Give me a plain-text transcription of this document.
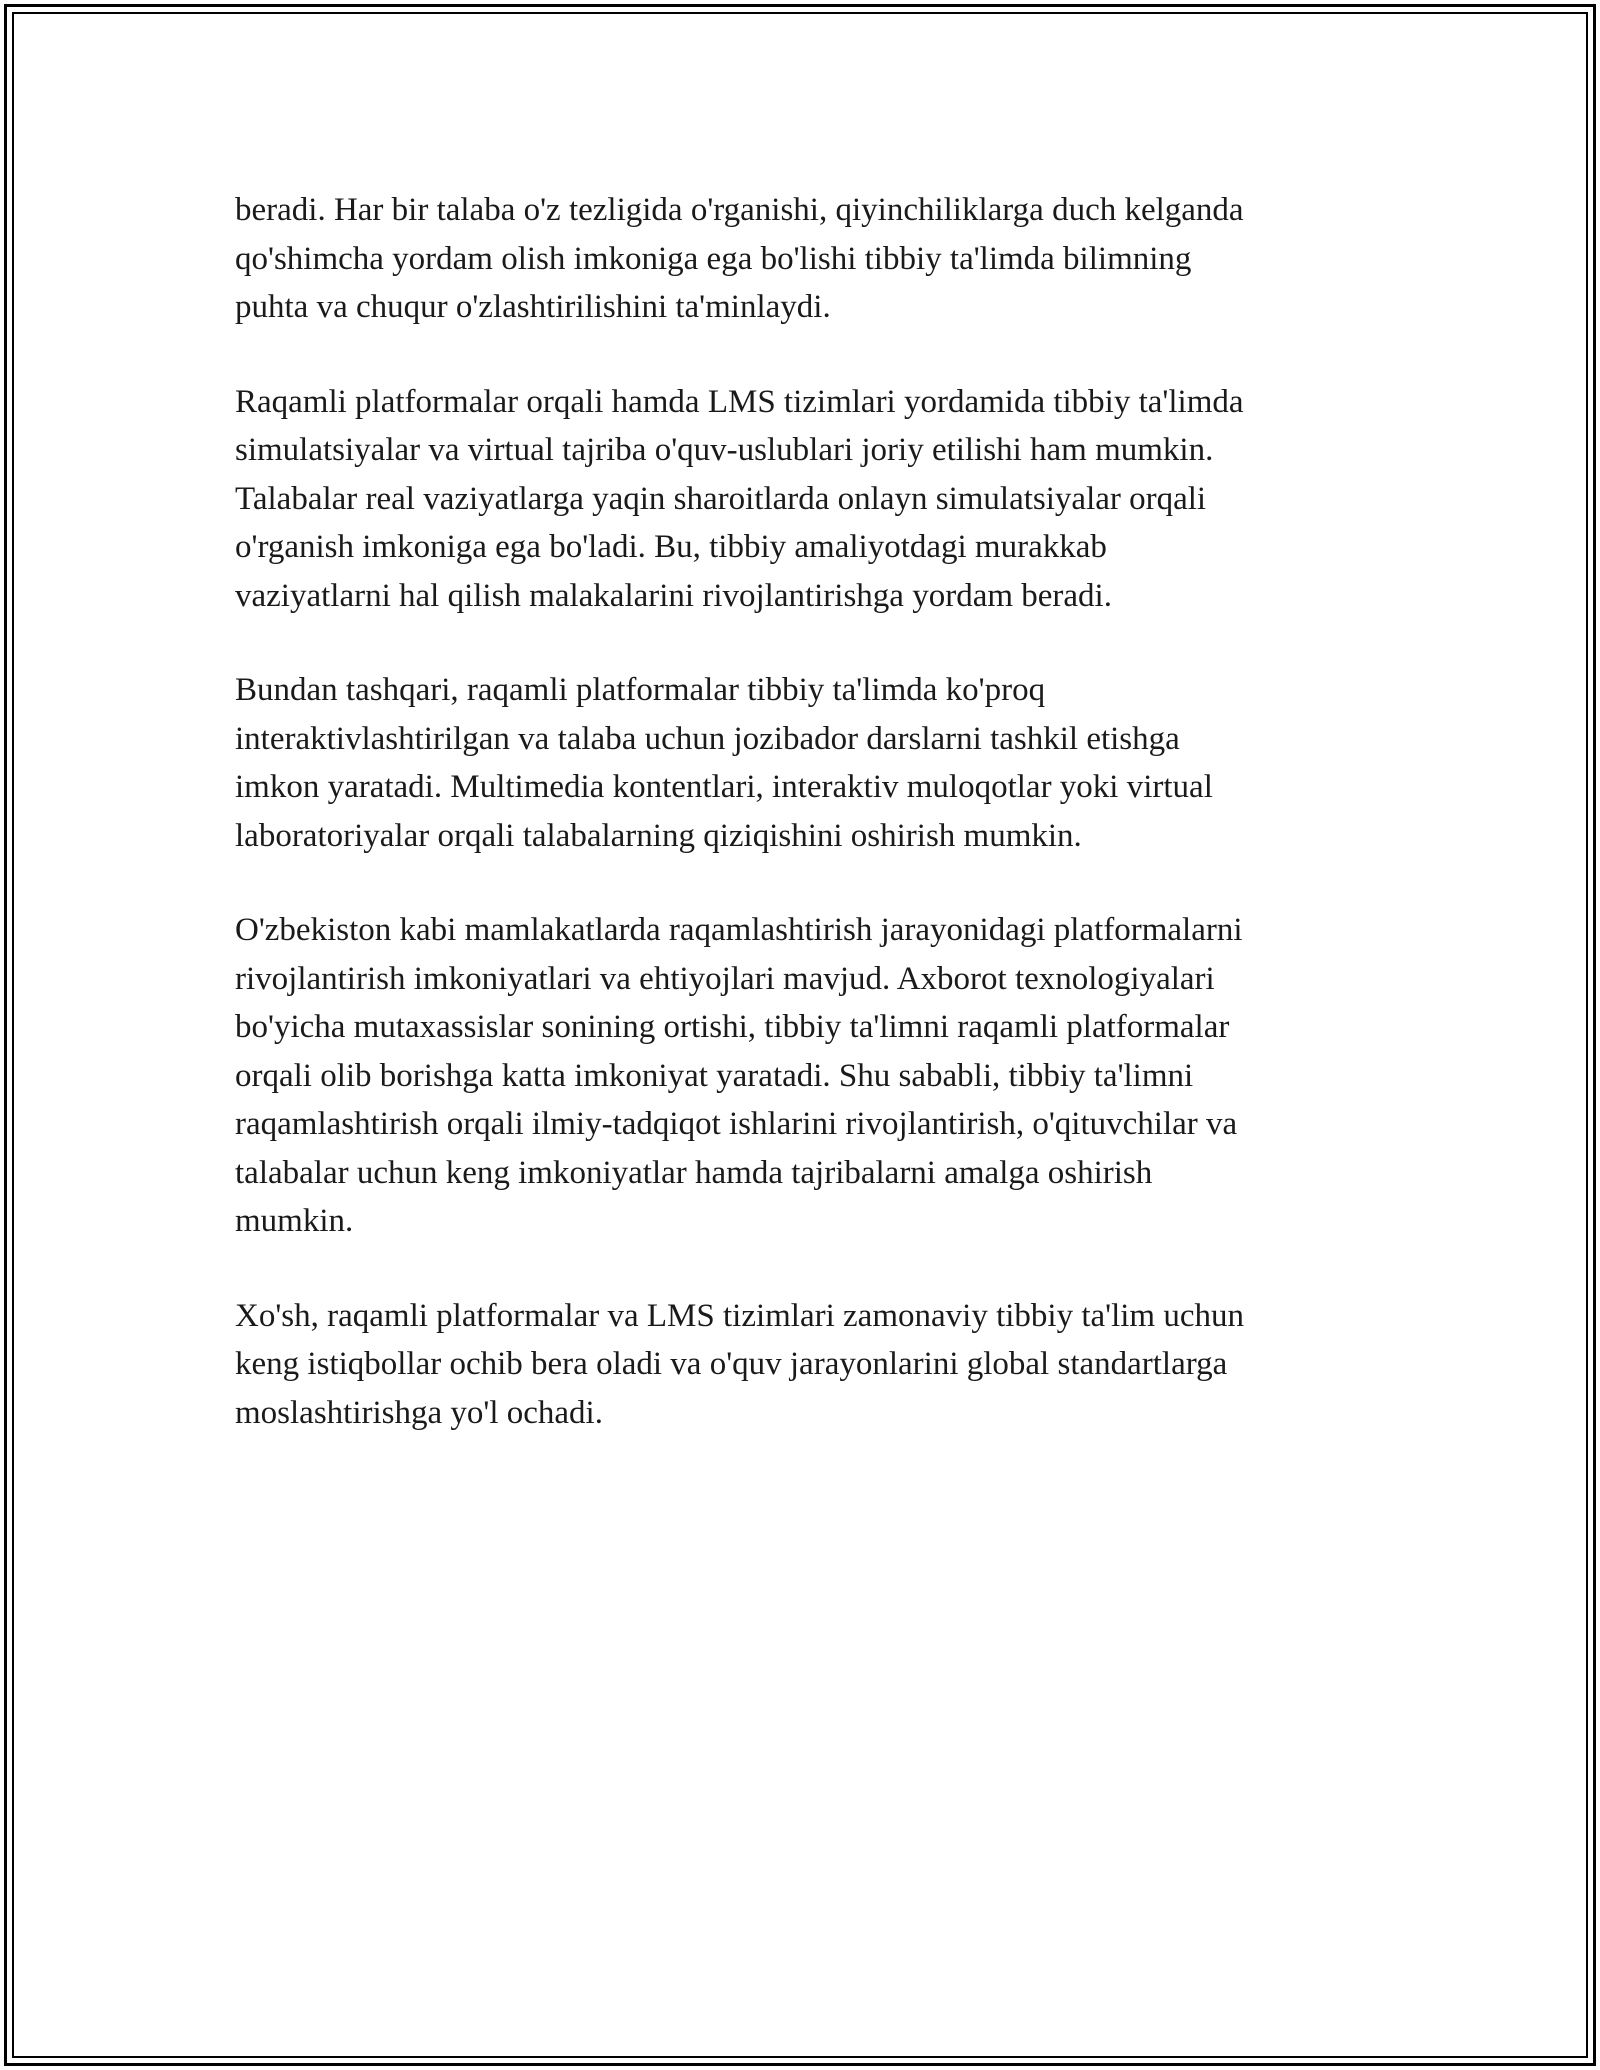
beradi. Har bir talaba o'z tezligida o'rganishi, qiyinchiliklarga duch kelganda
qo'shimcha yordam olish imkoniga ega bo'lishi tibbiy ta'limda bilimning
puhta va chuqur o'zlashtirilishini ta'minlaydi.

Raqamli platformalar orqali hamda LMS tizimlari yordamida tibbiy ta'limda
simulatsiyalar va virtual tajriba o'quv-uslublari joriy etilishi ham mumkin.
Talabalar real vaziyatlarga yaqin sharoitlarda onlayn simulatsiyalar orqali
o'rganish imkoniga ega bo'ladi. Bu, tibbiy amaliyotdagi murakkab
vaziyatlarni hal qilish malakalarini rivojlantirishga yordam beradi.

Bundan tashqari, raqamli platformalar tibbiy ta'limda ko'proq
interaktivlashtirilgan va talaba uchun jozibador darslarni tashkil etishga
imkon yaratadi. Multimedia kontentlari, interaktiv muloqotlar yoki virtual
laboratoriyalar orqali talabalarning qiziqishini oshirish mumkin.

O'zbekiston kabi mamlakatlarda raqamlashtirish jarayonidagi platformalarni
rivojlantirish imkoniyatlari va ehtiyojlari mavjud. Axborot texnologiyalari
bo'yicha mutaxassislar sonining ortishi, tibbiy ta'limni raqamli platformalar
orqali olib borishga katta imkoniyat yaratadi. Shu sababli, tibbiy ta'limni
raqamlashtirish orqali ilmiy-tadqiqot ishlarini rivojlantirish, o'qituvchilar va
talabalar uchun keng imkoniyatlar hamda tajribalarni amalga oshirish
mumkin.

Xo'sh, raqamli platformalar va LMS tizimlari zamonaviy tibbiy ta'lim uchun
keng istiqbollar ochib bera oladi va o'quv jarayonlarini global standartlarga
moslashtirishga yo'l ochadi.
